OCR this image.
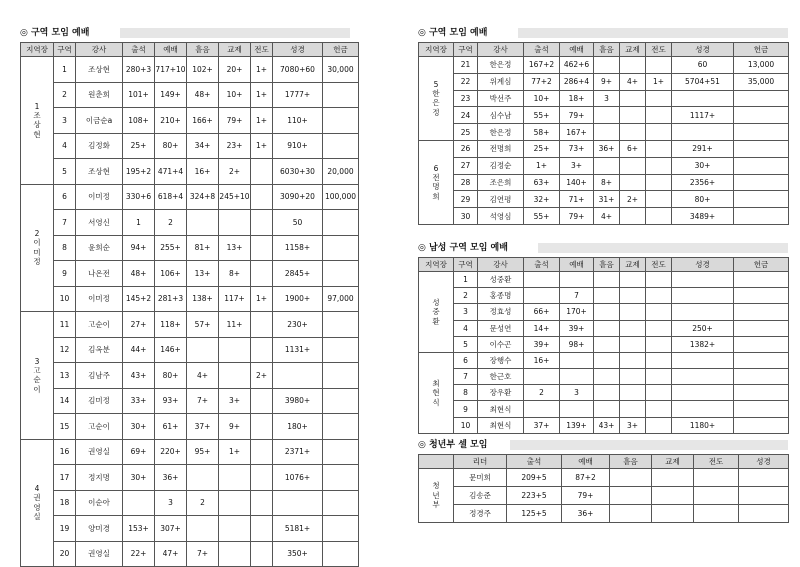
◎ 구역 모임 예배
지역장	구역	강사	출석	예배	흩음	교제	전도	성경	헌금

1
조
상
현	1	조상현	280+3	717+10	102+	20+	1+	7080+60	30,000
	2	원춘희	101+	149+	48+	10+	1+	1777+	
	3	이금순a	108+	210+	166+	79+	1+	110+	
	4	김정화	25+	80+	34+	23+	1+	910+	
	5	조상현	195+2	471+4	16+	2+		6030+30	20,000

2
이
미
정	6	이미정	330+6	618+4	324+8	245+10		3090+20	100,000
	7	서영신	1	2				50	
	8	윤희순	94+	255+	81+	13+		1158+	
	9	나온전	48+	106+	13+	8+		2845+	
	10	이미정	145+2	281+3	138+	117+	1+	1900+	97,000

3
고
순
이	11	고순이	27+	118+	57+	11+		230+	
	12	김옥분	44+	146+				1131+	
	13	김남주	43+	80+	4+		2+		
	14	김미정	33+	93+	7+	3+		3980+	
	15	고순이	30+	61+	37+	9+		180+	

4
권
영
실	16	권영실	69+	220+	95+	1+		2371+	
	17	정지명	30+	36+				1076+	
	18	이순아		3	2				
	19	양미경	153+	307+				5181+	
	20	권영실	22+	47+	7+			350+	
◎ 구역 모임 예배
지역장	구역	강사	출석	예배	흩음	교제	전도	성경	헌금

5
한
은
정	21	한은정	167+2	462+6				60	13,000
	22	위계심	77+2	286+4	9+	4+	1+	5704+51	35,000
	23	박선주	10+	18+	3				
	24	심수남	55+	79+				1117+	
	25	한은정	58+	167+					

6
전
명
희	26	전명희	25+	73+	36+	6+		291+	
	27	김정순	1+	3+				30+	
	28	조은희	63+	140+	8+			2356+	
	29	김연평	32+	71+	31+	2+		80+	
	30	석영심	55+	79+	4+			3489+	
◎ 남성 구역 모임 예배
지역장	구역	강사	출석	예배	흩음	교제	전도	성경	헌금

성
중
환	1	성중환							
	2	홍종명		7					
	3	정효성	66+	170+					
	4	문성연	14+	39+				250+	
	5	이수곤	39+	98+				1382+	

최
현
식	6	장행수	16+						
	7	한근호							
	8	장우환	2	3					
	9	최현식							
	10	최현식	37+	139+	43+	3+		1180+	
◎ 청년부 셀 모임
	리더	출석	예배	흩음	교제	전도	성경

청
년
부	문미희	209+5	87+2				
	김송준	223+5	79+				
	정경주	125+5	36+				
